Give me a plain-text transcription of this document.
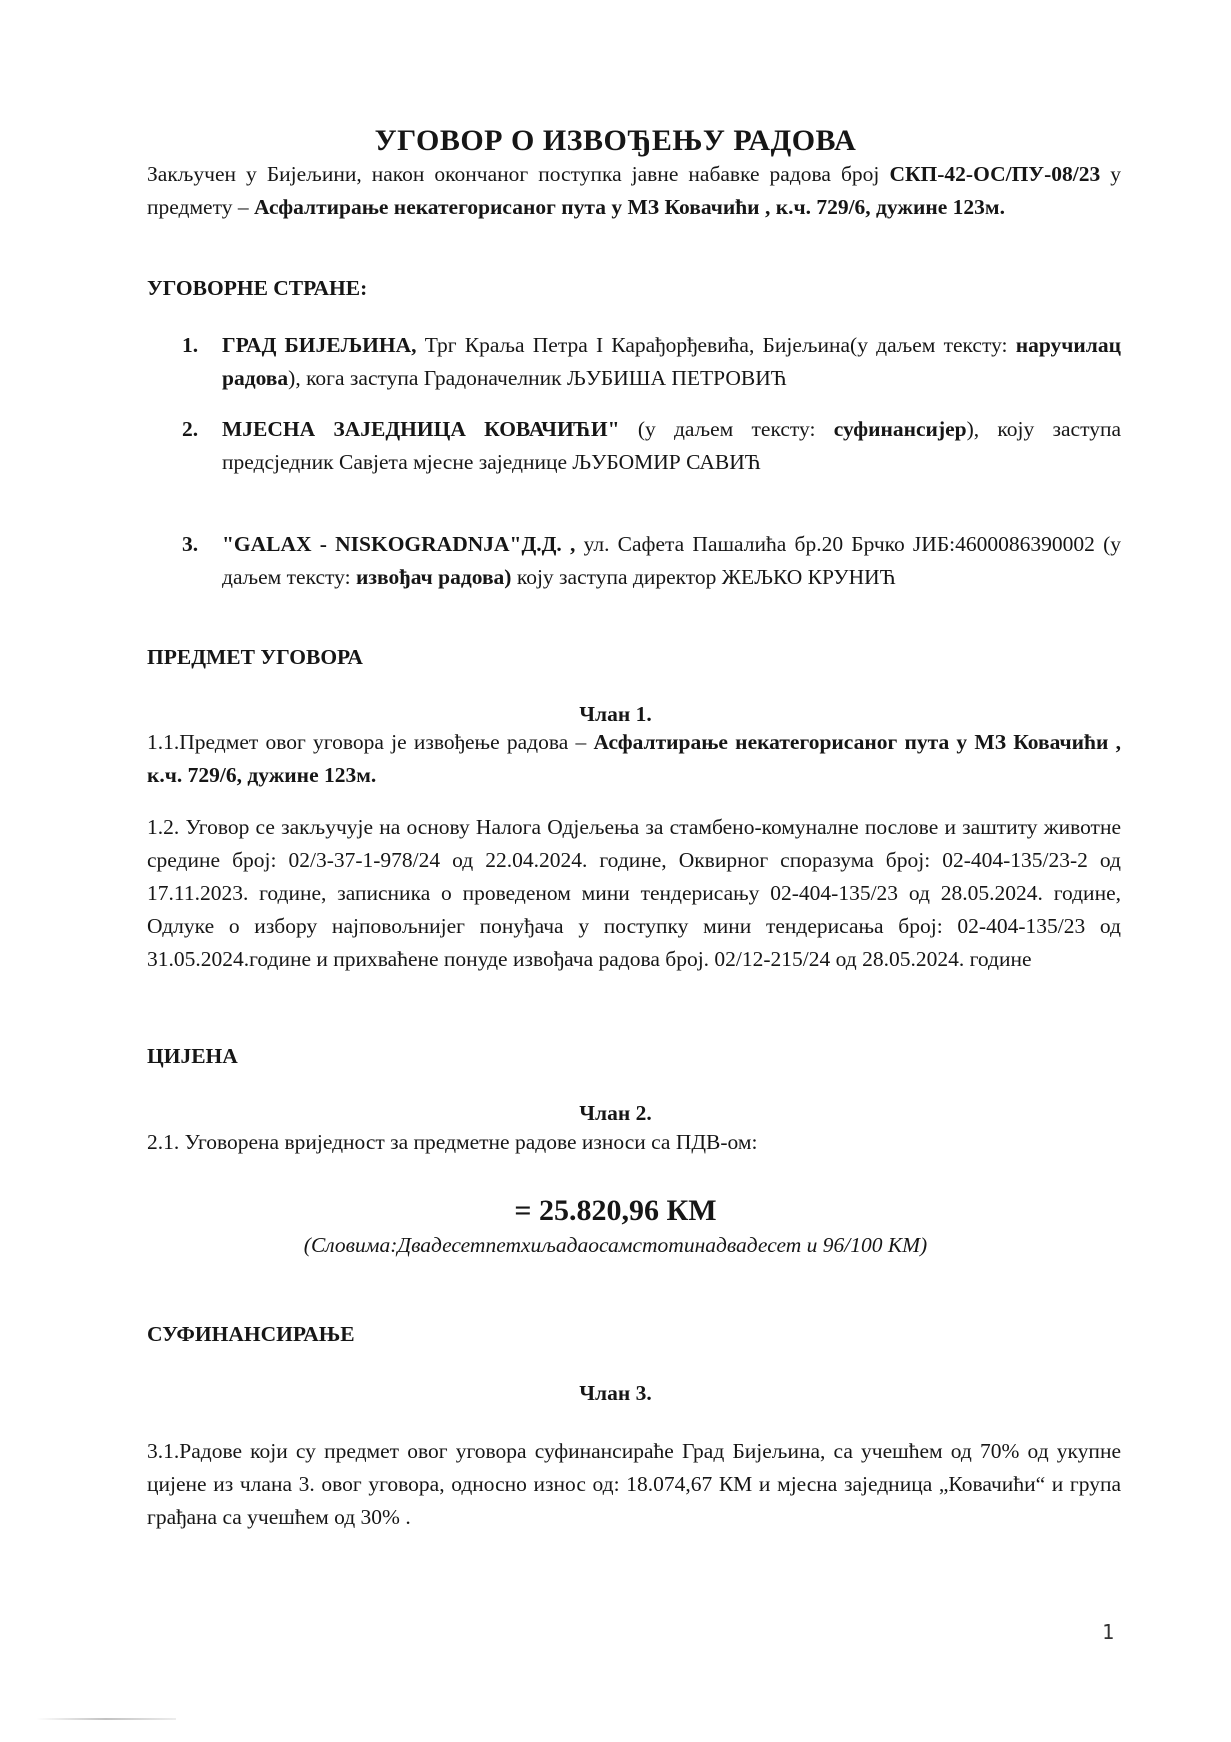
УГОВОР О ИЗВОЂЕЊУ РАДОВА
Закључен у Бијељини, након окончаног поступка јавне набавке радова број СКП-42-ОС/ПУ-08/23 у предмету – Асфалтирање некатегорисаног пута у МЗ Ковачићи , к.ч. 729/6, дужине 123м.
УГОВОРНЕ СТРАНЕ:
1. ГРАД БИЈЕЉИНА, Трг Краља Петра I Карађорђевића, Бијељина(у даљем тексту: наручилац радова), кога заступа Градоначелник ЉУБИША ПЕТРОВИЋ
2. МЈЕСНА ЗАЈЕДНИЦА КОВАЧИЋИ" (у даљем тексту: суфинансијер), коју заступа предсједник Савјета мјесне заједнице ЉУБОМИР САВИЋ
3. "GALAX - NISKOGRADNJA"Д.Д. , ул. Сафета Пашалића бр.20 Брчко ЈИБ:4600086390002 (у даљем тексту: извођач радова) коју заступа директор ЖЕЉКО КРУНИЋ
ПРЕДМЕТ УГОВОРА
Члан 1.
1.1.Предмет овог уговора је извођење радова – Асфалтирање некатегорисаног пута у МЗ Ковачићи , к.ч. 729/6, дужине 123м.
1.2. Уговор се закључује на основу Налога Одјељења за стамбено-комуналне послове и заштиту животне средине број: 02/3-37-1-978/24 од 22.04.2024. године, Оквирног споразума број: 02-404-135/23-2 од 17.11.2023. године, записника о проведеном мини тендерисању 02-404-135/23 од 28.05.2024. године, Одлуке о избору најповољнијег понуђача у поступку мини тендерисања број: 02-404-135/23 од 31.05.2024.године и прихваћене понуде извођача радова број. 02/12-215/24 од 28.05.2024. године
ЦИЈЕНА
Члан 2.
2.1. Уговорена вриједност за предметне радове износи са ПДВ-ом:
= 25.820,96 КМ
(Словима:Двадесетпетхиљадаосамстотинадвадесет и 96/100 КМ)
СУФИНАНСИРАЊЕ
Члан 3.
3.1.Радове који су предмет овог уговора суфинансираће Град Бијељина, са учешћем од 70% од укупне цијене из члана 3. овог уговора, односно износ од: 18.074,67 КМ и мјесна заједница „Ковачићи“ и група грађана са учешћем од 30% .
1
